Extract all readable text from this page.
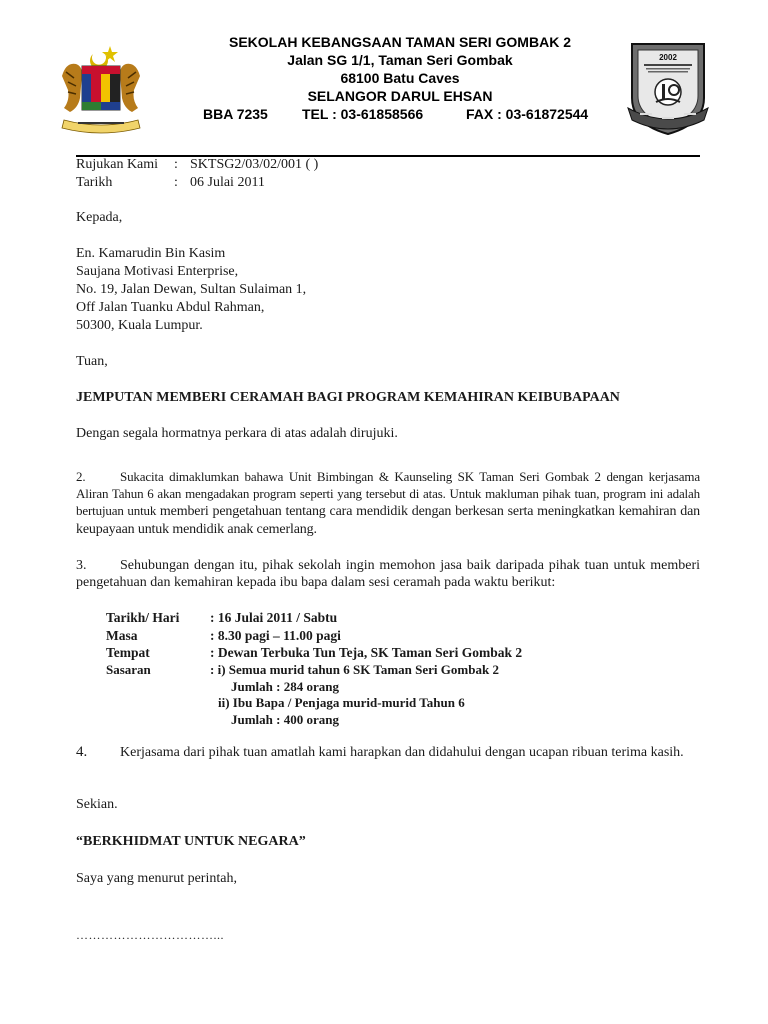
2002
SEKOLAH KEBANGSAAN TAMAN SERI GOMBAK 2
Jalan SG 1/1, Taman Seri Gombak
68100 Batu Caves
SELANGOR DARUL EHSAN
BBA 7235 TEL : 03-61858566	FAX : 03-61872544
Rujukan Kami : SKTSG2/03/02/001 ( )
Tarikh	: 06 Julai 2011
Kepada,
En. Kamarudin Bin Kasim
Saujana Motivasi Enterprise,
No. 19, Jalan Dewan, Sultan Sulaiman 1,
Off Jalan Tuanku Abdul Rahman,
50300, Kuala Lumpur.
Tuan,
JEMPUTAN MEMBERI CERAMAH BAGI PROGRAM KEMAHIRAN KEIBUBAPAAN
Dengan segala hormatnya perkara di atas adalah dirujuki.
2.	Sukacita dimaklumkan bahawa Unit Bimbingan & Kaunseling SK Taman Seri Gombak 2 dengan kerjasama Aliran Tahun 6 akan mengadakan program seperti yang tersebut di atas. Untuk makluman pihak tuan, program ini adalah bertujuan untuk memberi pengetahuan tentang cara mendidik dengan berkesan serta meningkatkan kemahiran dan keupayaan untuk mendidik anak cemerlang.
3. Sehubungan dengan itu, pihak sekolah ingin memohon jasa baik daripada pihak tuan untuk memberi pengetahuan dan kemahiran kepada ibu bapa dalam sesi ceramah pada waktu berikut:
Tarikh/ Hari : 16 Julai 2011 / Sabtu
Masa	: 8.30 pagi – 11.00 pagi
Tempat	: Dewan Terbuka Tun Teja, SK Taman Seri Gombak 2
Sasaran	: i) Semua murid tahun 6 SK Taman Seri Gombak 2
Jumlah : 284 orang
ii) Ibu Bapa / Penjaga murid-murid Tahun 6
Jumlah : 400 orang
4. Kerjasama dari pihak tuan amatlah kami harapkan dan didahului dengan ucapan ribuan terima kasih.
Sekian.
“BERKHIDMAT UNTUK NEGARA”
Saya yang menurut perintah,
……………………………...
